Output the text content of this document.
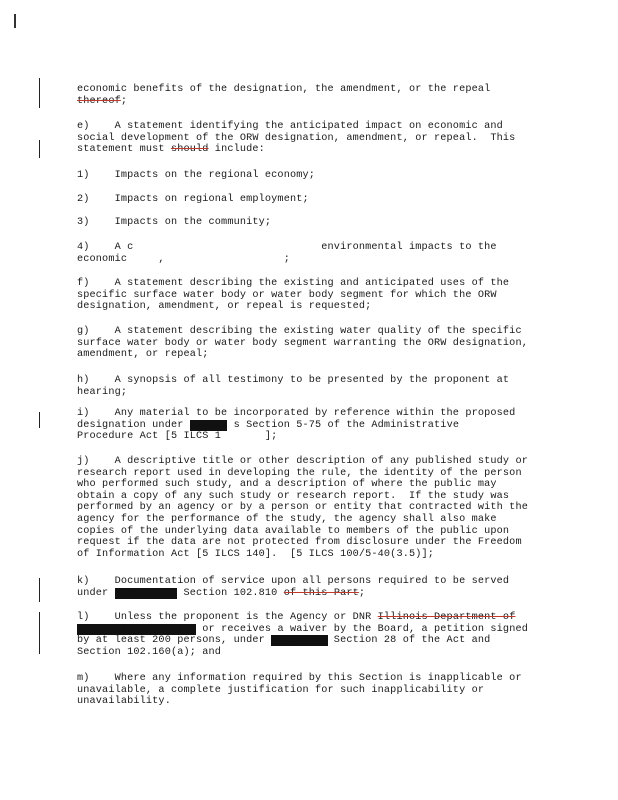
economic benefits of the designation, the amendment, or the repeal
thereof;
e)    A statement identifying the anticipated impact on economic and
social development of the ORW designation, amendment, or repeal.  This
statement must should include:
1)    Impacts on the regional economy;
2)    Impacts on regional employment;
3)    Impacts on the community;
4)    A c                              environmental impacts to the
economic     ,                   ;
f)    A statement describing the existing and anticipated uses of the
specific surface water body or water body segment for which the ORW
designation, amendment, or repeal is requested;
g)    A statement describing the existing water quality of the specific
surface water body or water body segment warranting the ORW designation,
amendment, or repeal;
h)    A synopsis of all testimony to be presented by the proponent at
hearing;
i)    Any material to be incorporated by reference within the proposed
designation under xxxxxx s Section 5-75 of the Administrative
Procedure Act [5 ILCS 1       ];
j)    A descriptive title or other description of any published study or
research report used in developing the rule, the identity of the person
who performed such study, and a description of where the public may
obtain a copy of any such study or research report.  If the study was
performed by an agency or by a person or entity that contracted with the
agency for the performance of the study, the agency shall also make
copies of the underlying data available to members of the public upon
request if the data are not protected from disclosure under the Freedom
of Information Act [5 ILCS 140].  [5 ILCS 100/5-40(3.5)];
k)    Documentation of service upon all persons required to be served
under xxxxxxxxxx Section 102.810 of this Part;
l)    Unless the proponent is the Agency or DNR Illinois Department of
xxxxxxxxxxxxxxxxxxx or receives a waiver by the Board, a petition signed
by at least 200 persons, under xxxxxxxxx Section 28 of the Act and
Section 102.160(a); and
m)    Where any information required by this Section is inapplicable or
unavailable, a complete justification for such inapplicability or
unavailability.
